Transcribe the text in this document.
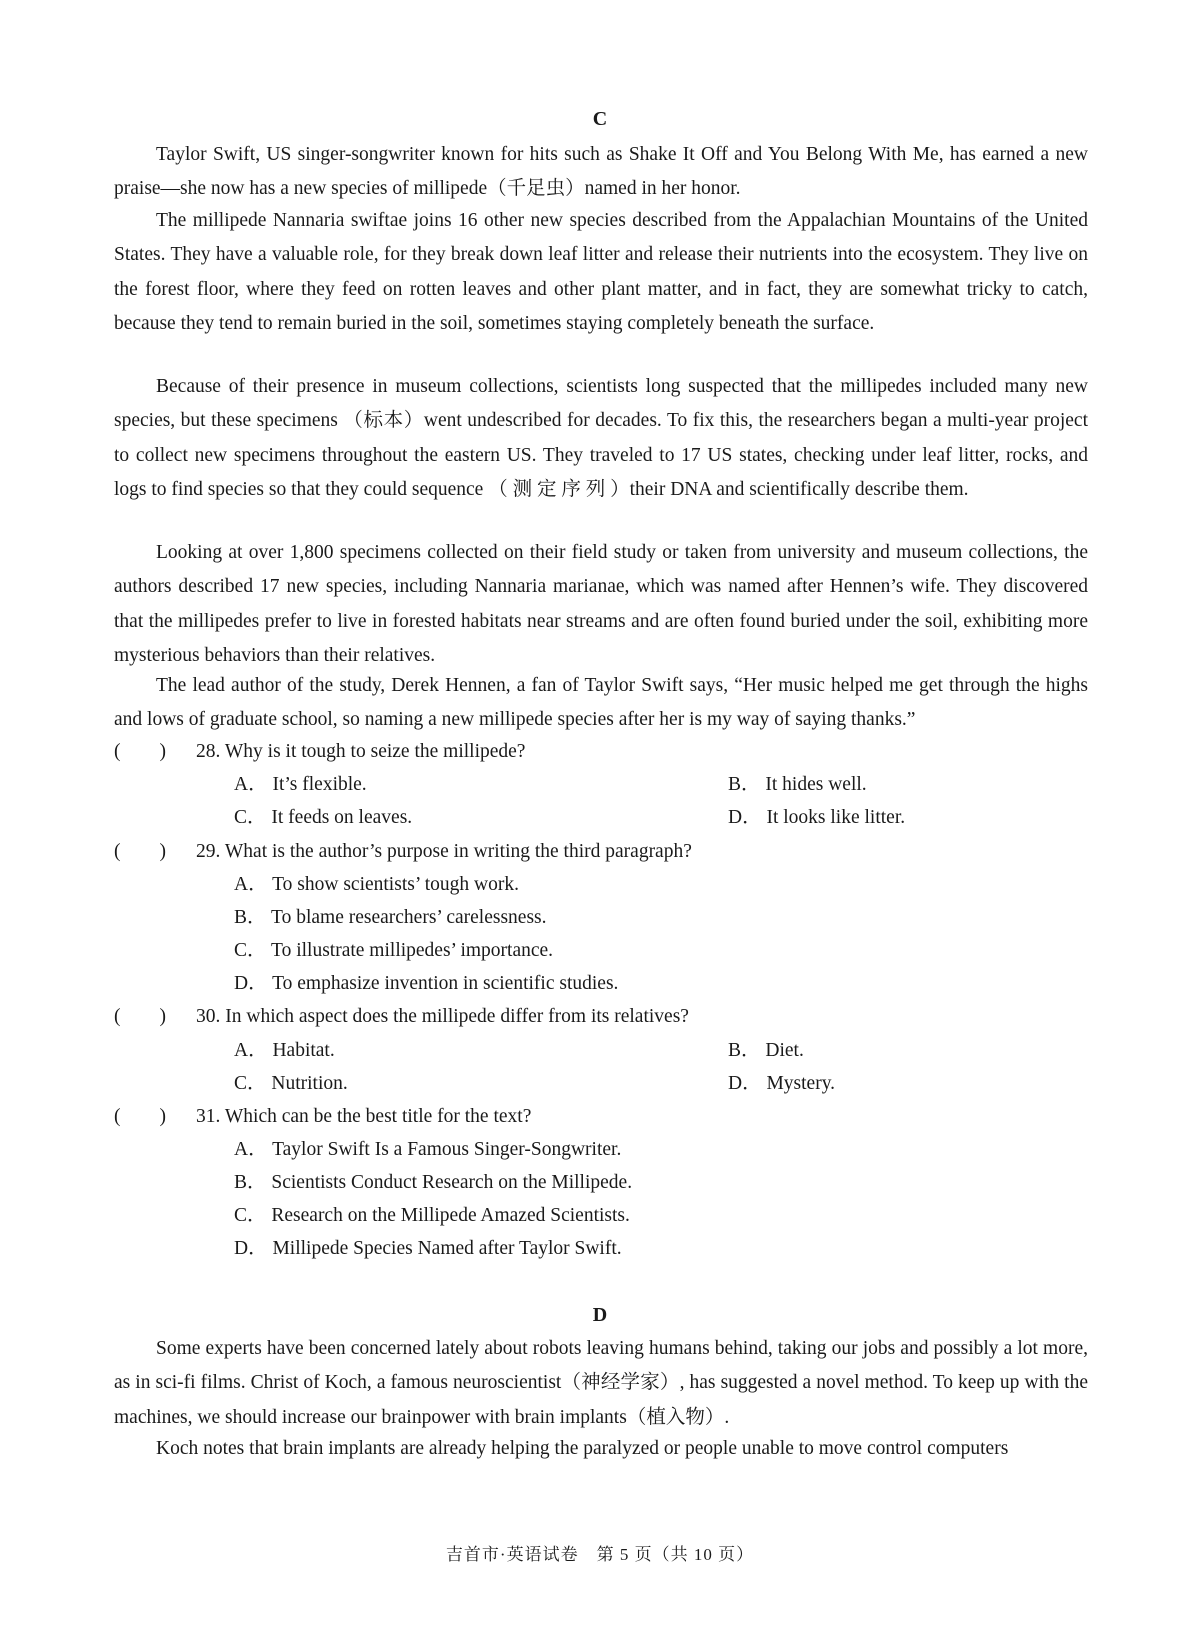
C

Taylor Swift, US singer-songwriter known for hits such as Shake It Off and You Belong With Me, has earned a new praise—she now has a new species of millipede（千足虫）named in her honor.

The millipede Nannaria swiftae joins 16 other new species described from the Appalachian Mountains of the United States. They have a valuable role, for they break down leaf litter and release their nutrients into the ecosystem. They live on the forest floor, where they feed on rotten leaves and other plant matter, and in fact, they are somewhat tricky to catch, because they tend to remain buried in the soil, sometimes staying completely beneath the surface.

Because of their presence in museum collections, scientists long suspected that the millipedes included many new species, but these specimens （标本）went undescribed for decades. To fix this, the researchers began a multi-year project to collect new specimens throughout the eastern US. They traveled to 17 US states, checking under leaf litter, rocks, and logs to find species so that they could sequence （ 测 定 序 列 ）their DNA and scientifically describe them.

Looking at over 1,800 specimens collected on their field study or taken from university and museum collections, the authors described 17 new species, including Nannaria marianae, which was named after Hennen’s wife. They discovered that the millipedes prefer to live in forested habitats near streams and are often found buried under the soil, exhibiting more mysterious behaviors than their relatives.

The lead author of the study, Derek Hennen, a fan of Taylor Swift says, “Her music helped me get through the highs and lows of graduate school, so naming a new millipede species after her is my way of saying thanks.”

(　　) 28. Why is it tough to seize the millipede?
A． It’s flexible.	B． It hides well.
C． It feeds on leaves.	D． It looks like litter.
(　　) 29. What is the author’s purpose in writing the third paragraph?
A． To show scientists’ tough work.
B． To blame researchers’ carelessness.
C． To illustrate millipedes’ importance.
D． To emphasize invention in scientific studies.
(　　) 30. In which aspect does the millipede differ from its relatives?
A． Habitat.	B． Diet.
C． Nutrition.	D． Mystery.
(　　) 31. Which can be the best title for the text?
A． Taylor Swift Is a Famous Singer-Songwriter.
B． Scientists Conduct Research on the Millipede.
C． Research on the Millipede Amazed Scientists.
D． Millipede Species Named after Taylor Swift.
D

Some experts have been concerned lately about robots leaving humans behind, taking our jobs and possibly a lot more, as in sci-fi films. Christ of Koch, a famous neuroscientist（神经学家）, has suggested a novel method. To keep up with the machines, we should increase our brainpower with brain implants（植入物）.

Koch notes that brain implants are already helping the paralyzed or people unable to move control computers

吉首市·英语试卷　第 5 页（共 10 页）
